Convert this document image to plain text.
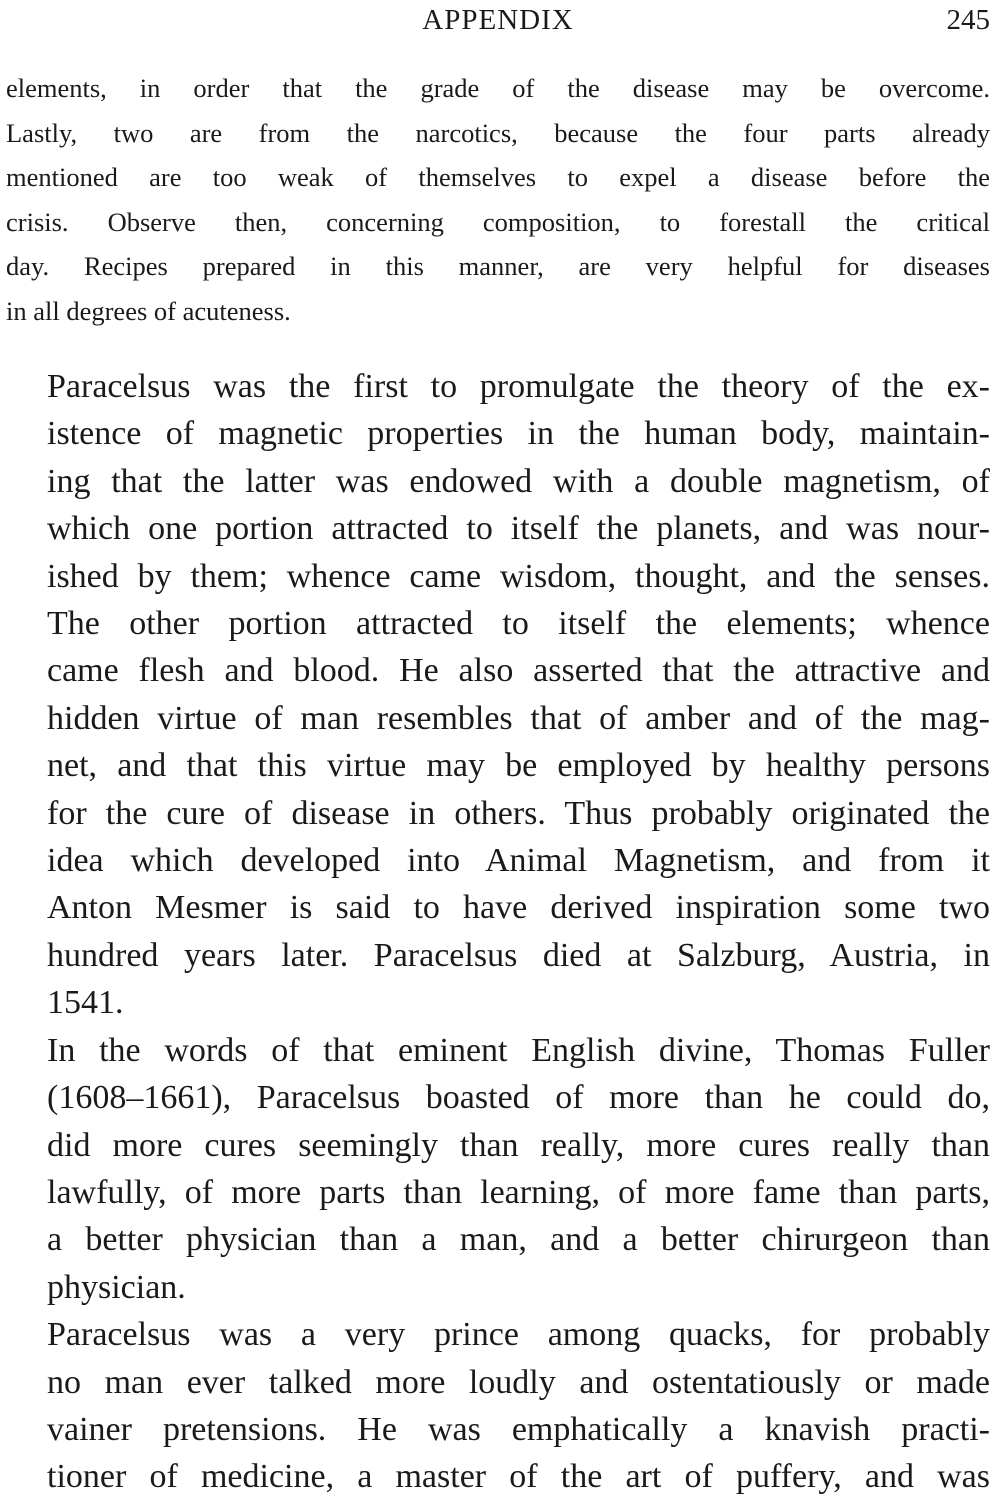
APPENDIX	245

elements, in order that the grade of the disease may be overcome.
Lastly, two are from the narcotics, because the four parts already
mentioned are too weak of themselves to expel a disease before the
crisis. Observe then, concerning composition, to forestall the critical
day. Recipes prepared in this manner, are very helpful for diseases
in all degrees of acuteness.

Paracelsus was the first to promulgate the theory of the ex-
istence of magnetic properties in the human body, maintain-
ing that the latter was endowed with a double magnetism, of
which one portion attracted to itself the planets, and was nour-
ished by them; whence came wisdom, thought, and the senses.
The other portion attracted to itself the elements; whence
came flesh and blood. He also asserted that the attractive and
hidden virtue of man resembles that of amber and of the mag-
net, and that this virtue may be employed by healthy persons
for the cure of disease in others. Thus probably originated the
idea which developed into Animal Magnetism, and from it
Anton Mesmer is said to have derived inspiration some two
hundred years later. Paracelsus died at Salzburg, Austria, in
1541.

In the words of that eminent English divine, Thomas Fuller
(1608–1661), Paracelsus boasted of more than he could do,
did more cures seemingly than really, more cures really than
lawfully, of more parts than learning, of more fame than parts,
a better physician than a man, and a better chirurgeon than
physician.

Paracelsus was a very prince among quacks, for probably
no man ever talked more loudly and ostentatiously or made
vainer pretensions. He was emphatically a knavish practi-
tioner of medicine, a master of the art of puffery, and was
